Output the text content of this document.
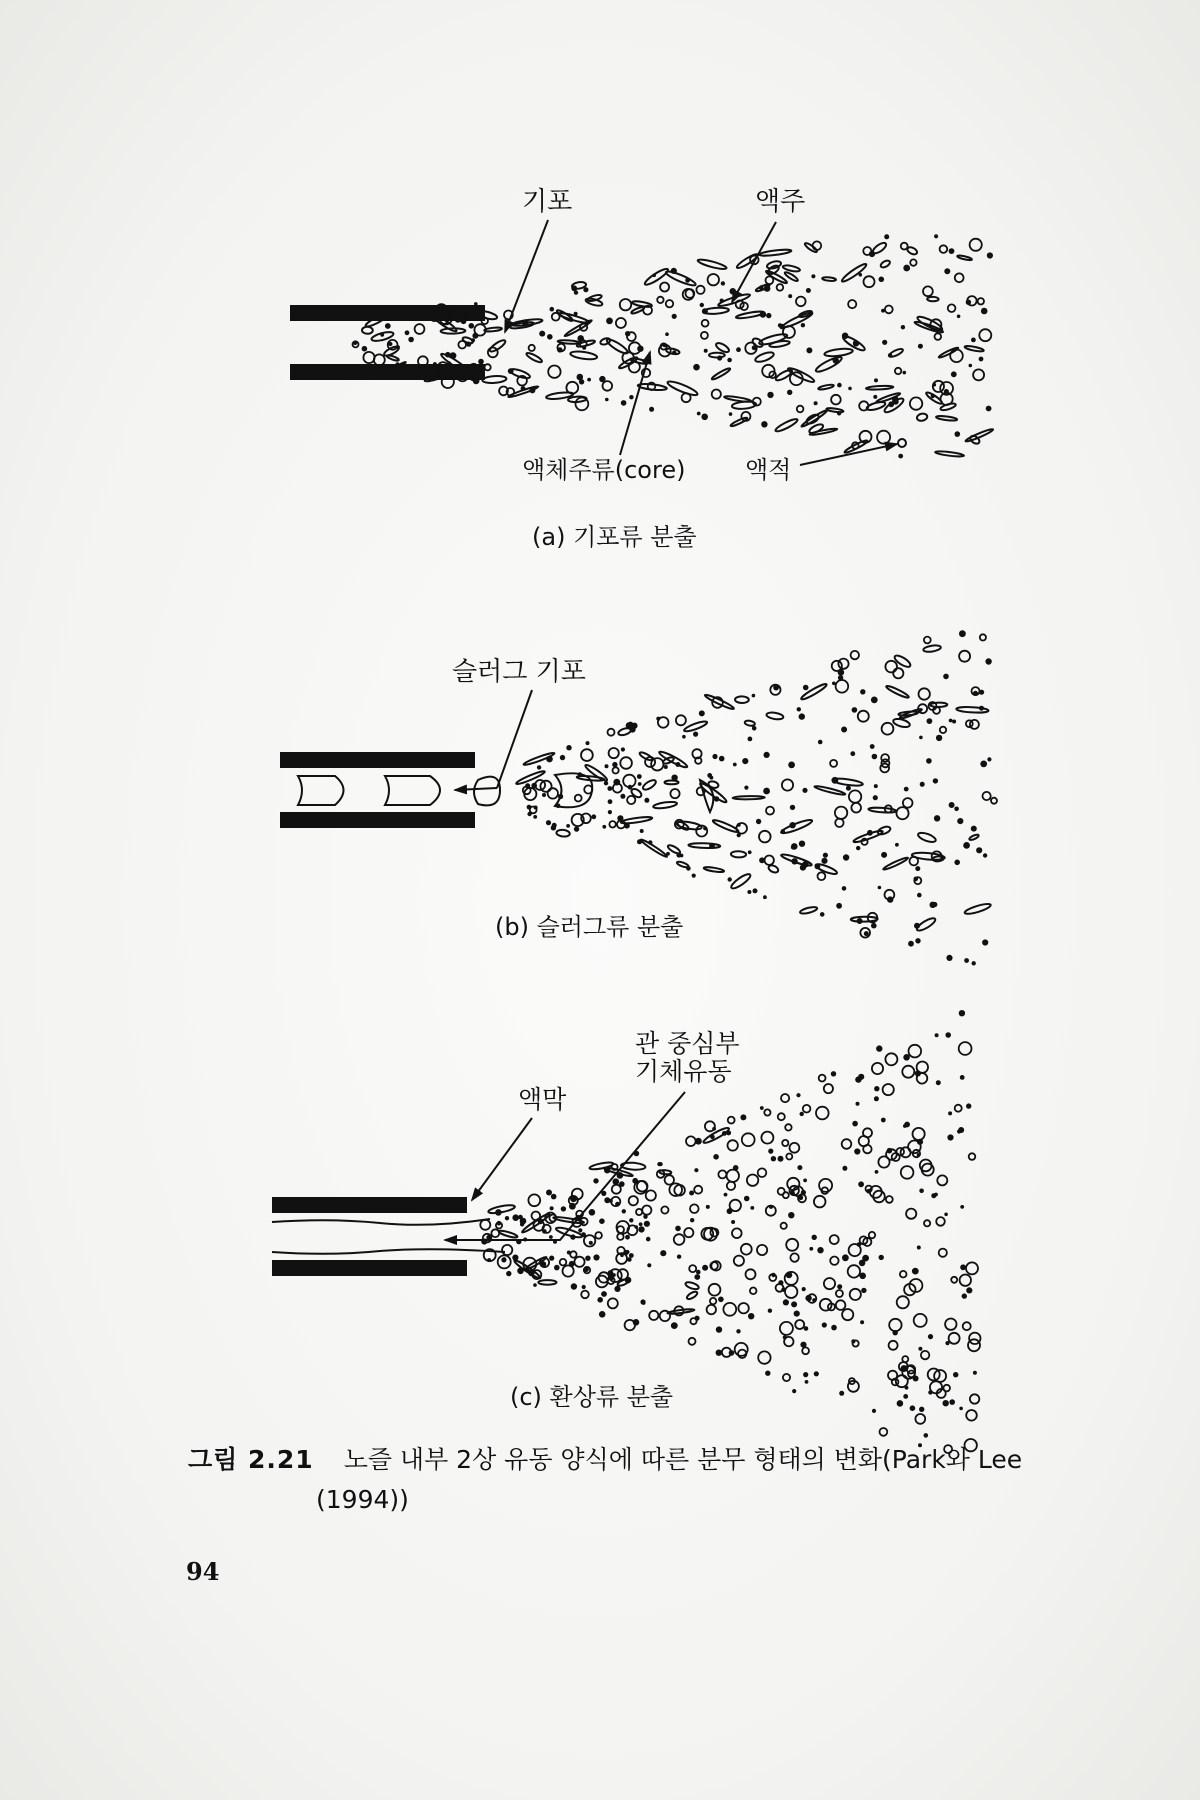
기포	액주
액체주류(core) 액적
(a) 기포류 분출
슬러그 기포
(b) 슬러그류 분출
관 중심부
기체유동
액막
(c) 환상류 분출
그림 2.21 노즐 내부 2상 유동 양식에 따른 분무 형태의 변화(Park와 Lee
(1994))
94
